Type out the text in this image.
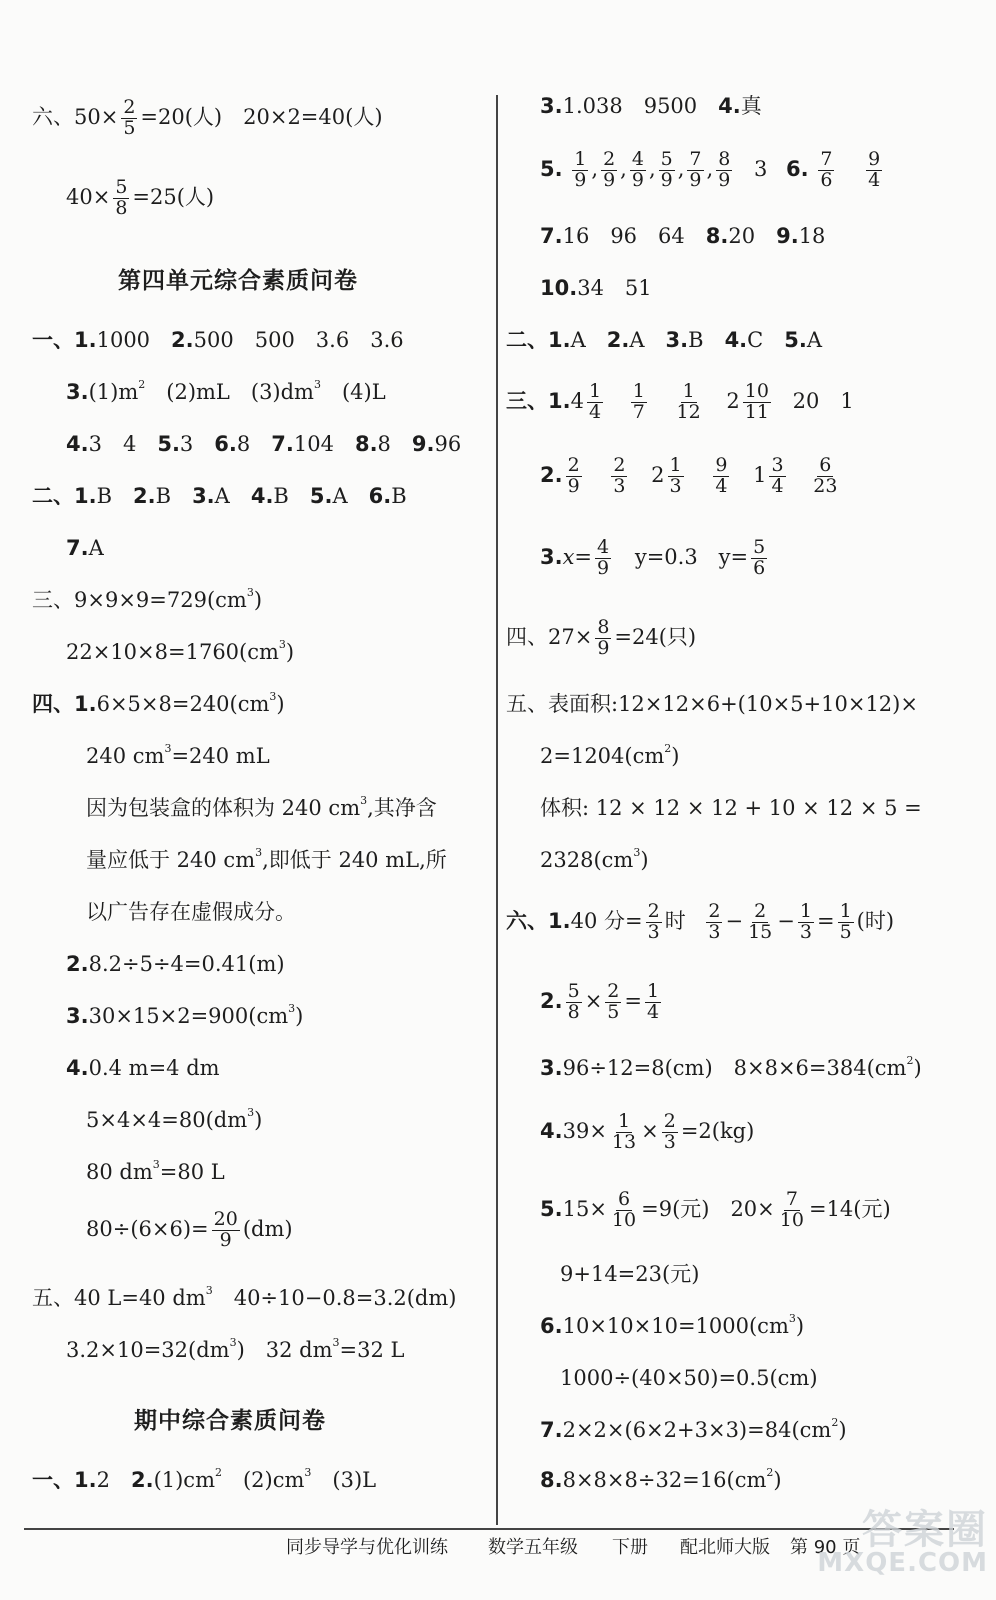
六、$50\times \frac{2}{5} =20$(人)　20×2=40(人)
$40\times \frac{5}{8} =25$(人)
第四单元综合素质问卷
一、1.1000　2.500　500　3.6　3.6
$3.(1)m^2$　(2)mL　$(3)dm^3$　(4)L
4.3　4　5.3　6.8　7.104　8.8　9.96
二、1.B　2.B　3.A　4.B　5.A　6.B
7.A
三、$9\times 9\times 9=729(cm^3)$
$22\times 10\times 8=1760(cm^3)$
四、$1.6\times 5\times 8=240(cm^3)$
240 $cm^3=240$ mL
因为包装盒的体积为 240 $cm^3$,其净含
量应低于 240 $cm^3$,即低于 240 mL,所
以广告存在虚假成分。
2.8.2÷5÷4=0.41(m)
$3.30\times 15\times 2=900(cm^3)$
4.0.4 m=4 dm
$5\times 4\times 4=80(dm^3)$
80 $dm^3=80$ L
$80\div(6\times 6)= \frac{20}{9} (dm)$
五、40 L=40 $dm^3$　40÷10−0.8=3.2(dm)
$3.2\times 10=32(dm^3)$　32 $dm^3=32$ L
期中综合素质问卷
一、1.2　$2.(1)cm^2$　$(2)cm^3$　(3)L
3.1.038　9500　4.真
5. $\frac{1}{9}$ , $\frac{2}{9}$ , $\frac{4}{9}$ , $\frac{5}{9}$ , $\frac{7}{9}$ , $\frac{8}{9} 3$ 6. $\frac{7}{6}$
$\frac{9}{4}$
7.16　96　64　8.20　9.18
10.34　51
二、1.A　2.A　3.B　4.C　5.A
三、$1.4 \frac{1}{4}$
$\frac{1}{7}$
$\frac{1}{12} 2 \frac{10}{11} 20$　1
2. $\frac{2}{9}$
$\frac{2}{3} 2 \frac{1}{3}$
$\frac{9}{4} 1 \frac{3}{4}$
$\frac{6}{23}$
$3.x= \frac{4}{9} y=0.3$　$y= \frac{5}{6}$
四、$27\times \frac{8}{9} =24$(只)
五、表面积:12×12×6+(10×5+10×12)×
$2=1204(cm^2)$
体积: 12 × 12 × 12 + 10 × 12 × 5 =
$2328(cm^3)$
六、1.40 分= $\frac{2}{3}$ 时 $\frac{2}{3} - \frac{2}{15} - \frac{1}{3} = \frac{1}{5}$ (时)
2. $\frac{5}{8} \times \frac{2}{5} = \frac{1}{4}$
3.96÷12=8(cm)　$8\times 8\times 6=384(cm^2)$
$4.39\times \frac{1}{13} \times \frac{2}{3} =2(kg)$
$5.15\times \frac{6}{10} =9$(元)　$20\times \frac{7}{10} =14$(元)
9+14=23(元)
$6.10\times 10\times 10=1000(cm^3)$
1000÷(40×50)=0.5(cm)
$7.2\times 2\times(6\times 2+3\times 3)=84(cm^2)$
$8.8\times 8\times 8\div 32=16(cm^2)$
同步导学与优化训练 数学五年级 下册 配北师大版 第 90 页 答案圈
MXQE.COM
